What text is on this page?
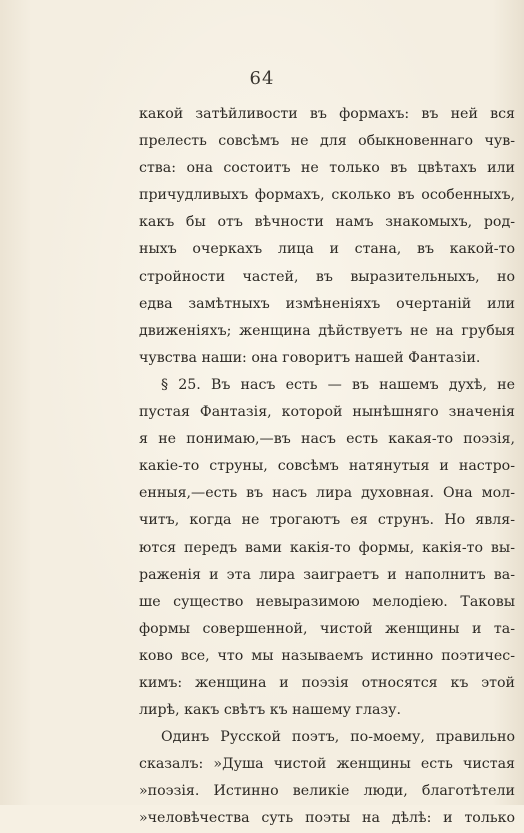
64
какой затѣйливости въ формахъ: въ ней вся
прелесть совсѣмъ не для обыкновеннаго чув-
ства: она состоитъ не только въ цвѣтахъ или
причудливыхъ формахъ, сколько въ особенныхъ,
какъ бы отъ вѣчности намъ знакомыхъ, род-
ныхъ очеркахъ лица и стана, въ какой-то
стройности частей, въ выразительныхъ, но
едва замѣтныхъ измѣненіяхъ очертаній или
движеніяхъ; женщина дѣйствуетъ не на грубыя
чувства наши: она говоритъ нашей Фантазіи.
§ 25. Въ насъ есть — въ нашемъ духѣ, не
пустая Фантазія, которой нынѣшняго значенія
я не понимаю,—въ насъ есть какая-то поэзія,
какіе-то струны, совсѣмъ натянутыя и настро-
енныя,—есть въ насъ лира духовная. Она мол-
читъ, когда не трогаютъ ея струнъ. Но явля-
ются передъ вами какія-то формы, какія-то вы-
раженія и эта лира заиграетъ и наполнитъ ва-
ше существо невыразимою мелодіею. Таковы
формы совершенной, чистой женщины и та-
ково все, что мы называемъ истинно поэтичес-
кимъ: женщина и поэзія относятся къ этой
лирѣ, какъ свѣтъ къ нашему глазу.
Одинъ Русской поэтъ, по-моему, правильно
сказалъ: »Душа чистой женщины есть чистая
»поэзія. Истинно великіе люди, благотѣтели
»человѣчества суть поэты на дѣлѣ: и только
